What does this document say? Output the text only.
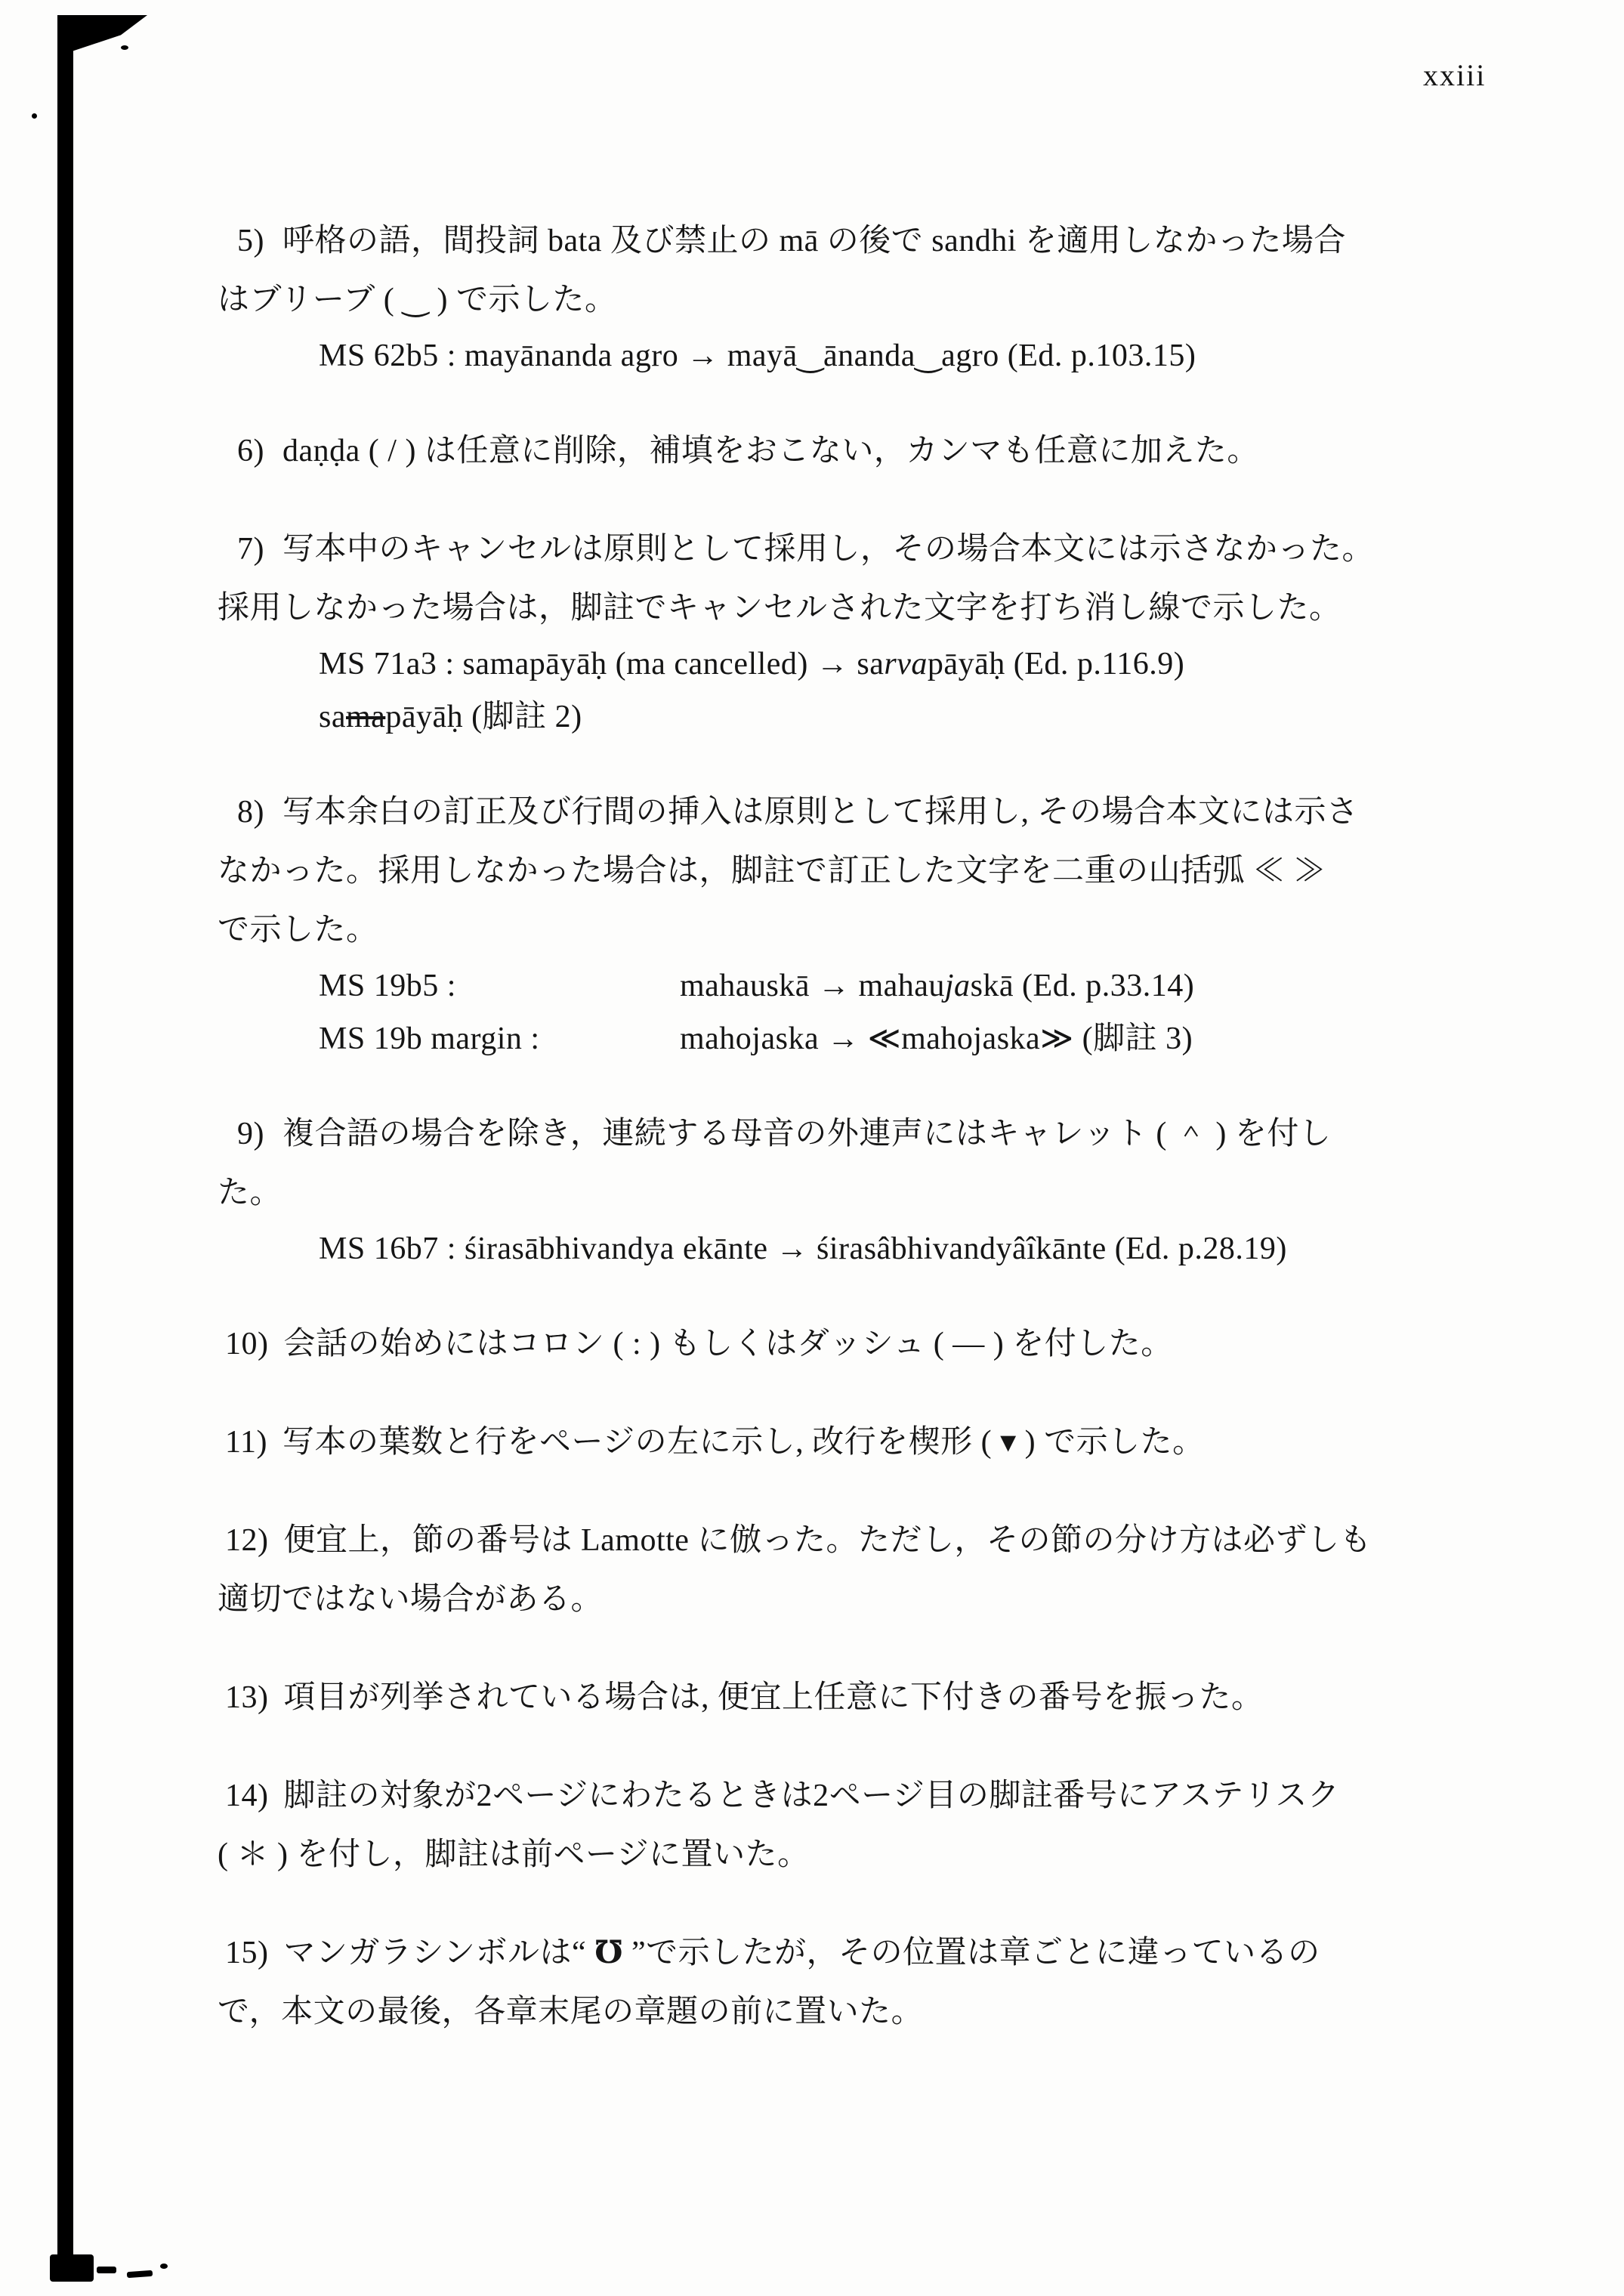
xxiii
5) 呼格の語，間投詞 bata 及び禁止の mā の後で sandhi を適用しなかった場合
はブリーブ ( ‿ ) で示した。
MS 62b5 : mayānanda agro → mayā‿ānanda‿agro (Ed. p.103.15)
6) daṇḍa ( / ) は任意に削除，補填をおこない，カンマも任意に加えた。
7) 写本中のキャンセルは原則として採用し，その場合本文には示さなかった。
採用しなかった場合は，脚註でキャンセルされた文字を打ち消し線で示した。
MS 71a3 : samapāyāḥ (ma cancelled) → sarvapāyāḥ (Ed. p.116.9)
samapāyāḥ (脚註 2)
8) 写本余白の訂正及び行間の挿入は原則として採用し, その場合本文には示さ
なかった。採用しなかった場合は，脚註で訂正した文字を二重の山括弧 ≪ ≫
で示した。
MS 19b5 :	mahauskā → mahaujaskā (Ed. p.33.14)
MS 19b margin :	mahojaska → ≪mahojaska≫ (脚註 3)
9) 複合語の場合を除き，連続する母音の外連声にはキャレット ( ＾ ) を付し
た。
MS 16b7 : śirasābhivandya ekānte → śirasâbhivandyâîkānte (Ed. p.28.19)
10) 会話の始めにはコロン ( : ) もしくはダッシュ ( — ) を付した。
11) 写本の葉数と行をページの左に示し, 改行を楔形 ( ▾ ) で示した。
12) 便宜上，節の番号は Lamotte に倣った。ただし，その節の分け方は必ずしも
適切ではない場合がある。
13) 項目が列挙されている場合は, 便宜上任意に下付きの番号を振った。
14) 脚註の対象が2ページにわたるときは2ページ目の脚註番号にアステリスク
( ＊ ) を付し，脚註は前ページに置いた。
15) マンガラシンボルは“ ℧ ”で示したが，その位置は章ごとに違っているの
で，本文の最後，各章末尾の章題の前に置いた。
